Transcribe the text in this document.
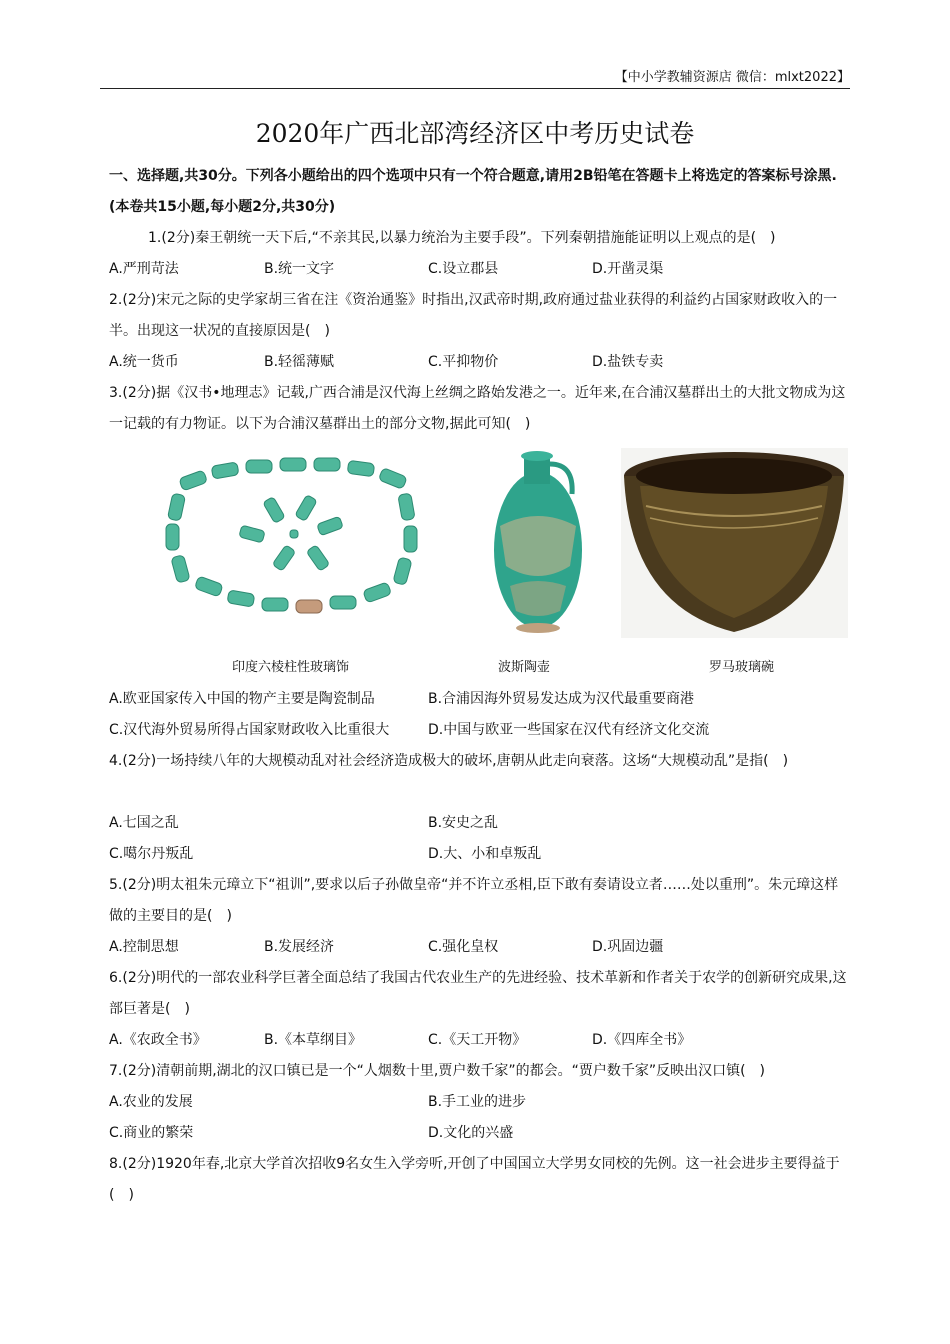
【中小学教辅资源店 微信：mlxt2022】
2020年广西北部湾经济区中考历史试卷

一、选择题,共30分。下列各小题给出的四个选项中只有一个符合题意,请用2B铅笔在答题卡上将选定的答案标号涂黑.(本卷共15小题,每小题2分,共30分)

1.(2分)秦王朝统一天下后,“不亲其民,以暴力统治为主要手段”。下列秦朝措施能证明以上观点的是(　)

A.严刑苛法	B.统一文字	C.设立郡县	D.开凿灵渠

2.(2分)宋元之际的史学家胡三省在注《资治通鉴》时指出,汉武帝时期,政府通过盐业获得的利益约占国家财政收入的一半。出现这一状况的直接原因是(　)

A.统一货币	B.轻徭薄赋	C.平抑物价	D.盐铁专卖

3.(2分)据《汉书•地理志》记载,广西合浦是汉代海上丝绸之路始发港之一。近年来,在合浦汉墓群出土的大批文物成为这一记载的有力物证。以下为合浦汉墓群出土的部分文物,据此可知(　)

印度六棱柱性玻璃饰	波斯陶壶	罗马玻璃碗
A.欧亚国家传入中国的物产主要是陶瓷制品	B.合浦因海外贸易发达成为汉代最重要商港
C.汉代海外贸易所得占国家财政收入比重很大	D.中国与欧亚一些国家在汉代有经济文化交流

4.(2分)一场持续八年的大规模动乱对社会经济造成极大的破坏,唐朝从此走向衰落。这场“大规模动乱”是指(　)

A.七国之乱	B.安史之乱
C.噶尔丹叛乱	D.大、小和卓叛乱

5.(2分)明太祖朱元璋立下“祖训”,要求以后子孙做皇帝“并不许立丞相,臣下敢有奏请设立者……处以重刑”。朱元璋这样做的主要目的是(　)

A.控制思想	B.发展经济	C.强化皇权	D.巩固边疆

6.(2分)明代的一部农业科学巨著全面总结了我国古代农业生产的先进经验、技术革新和作者关于农学的创新研究成果,这部巨著是(　)

A.《农政全书》	B.《本草纲目》	C.《天工开物》	D.《四库全书》

7.(2分)清朝前期,湖北的汉口镇已是一个“人烟数十里,贾户数千家”的都会。“贾户数千家”反映出汉口镇(　)

A.农业的发展	B.手工业的进步
C.商业的繁荣	D.文化的兴盛

8.(2分)1920年春,北京大学首次招收9名女生入学旁听,开创了中国国立大学男女同校的先例。这一社会进步主要得益于(　)
